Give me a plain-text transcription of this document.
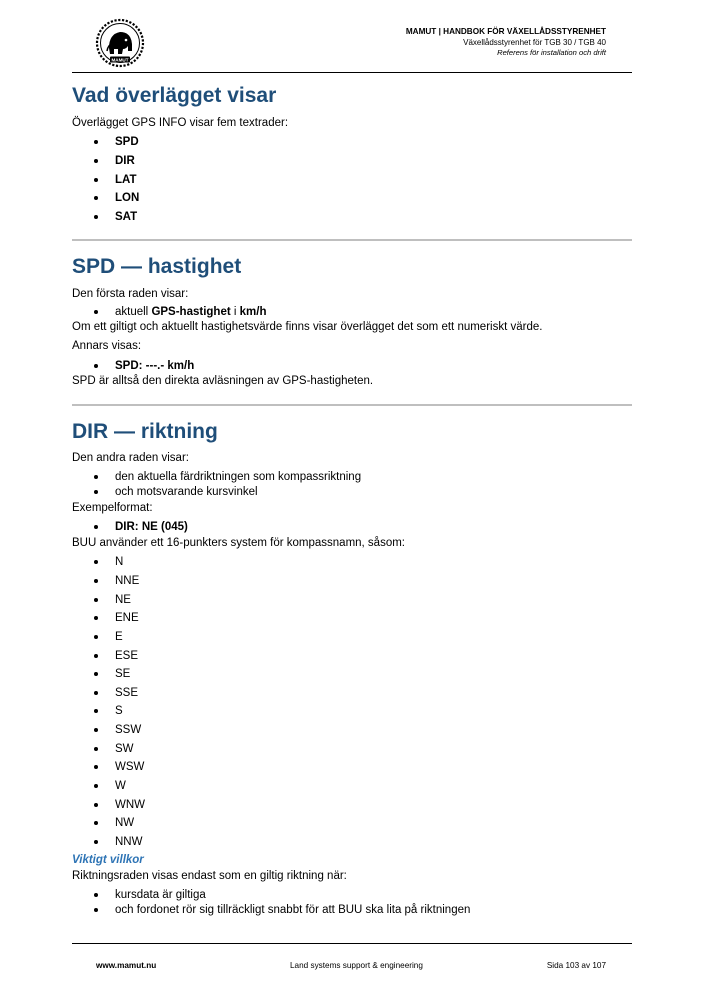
MAMUT
MAMUT | HANDBOK FÖR VÄXELLÅDSSTYRENHET
Växellådsstyrenhet för TGB 30 / TGB 40
Referens för installation och drift
Vad överlägget visar
Överlägget GPS INFO visar fem textrader:
SPD
DIR
LAT
LON
SAT
SPD — hastighet
Den första raden visar:
aktuell GPS-hastighet i km/h
Om ett giltigt och aktuellt hastighetsvärde finns visar överlägget det som ett numeriskt värde.
Annars visas:
SPD: ---.- km/h
SPD är alltså den direkta avläsningen av GPS-hastigheten.
DIR — riktning
Den andra raden visar:
den aktuella färdriktningen som kompassriktning
och motsvarande kursvinkel
Exempelformat:
DIR: NE (045)
BUU använder ett 16-punkters system för kompassnamn, såsom:
N
NNE
NE
ENE
E
ESE
SE
SSE
S
SSW
SW
WSW
W
WNW
NW
NNW
Viktigt villkor
Riktningsraden visas endast som en giltig riktning när:
kursdata är giltiga
och fordonet rör sig tillräckligt snabbt för att BUU ska lita på riktningen
www.mamut.nu	Land systems support & engineering	Sida 103 av 107
